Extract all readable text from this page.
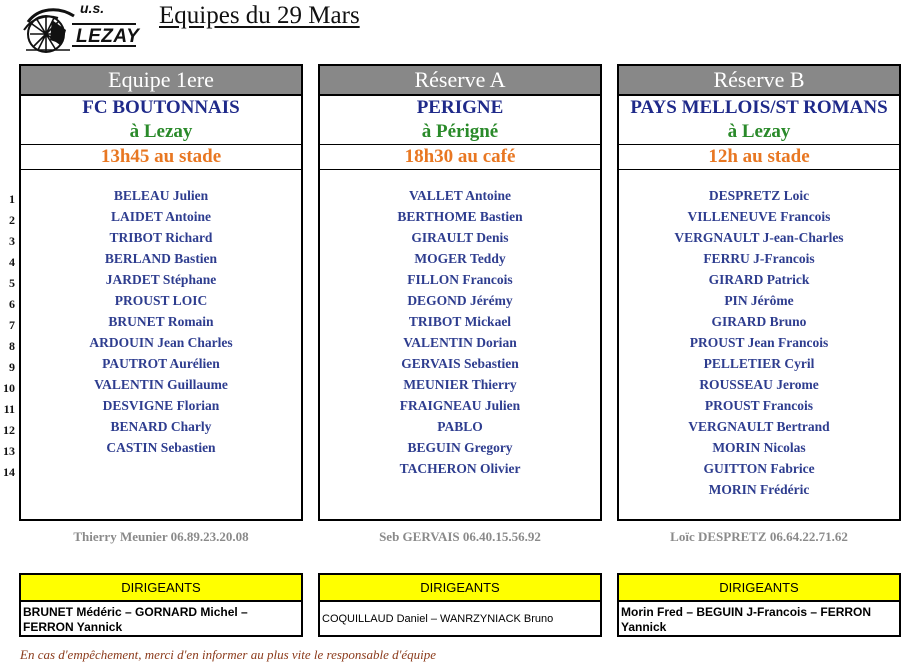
u.s.
LEZAY
Equipes du 29 Mars
1
2
3
4
5
6
7
8
9
10
11
12
13
14
Equipe 1ere
FC BOUTONNAIS
à Lezay
13h45 au stade
BELEAU Julien
LAIDET Antoine
TRIBOT Richard
BERLAND Bastien
JARDET Stéphane
PROUST LOIC
BRUNET Romain
ARDOUIN Jean Charles
PAUTROT Aurélien
VALENTIN Guillaume
DESVIGNE Florian
BENARD Charly
CASTIN Sebastien
Réserve A
PERIGNE
à Périgné
18h30 au café
VALLET Antoine
BERTHOME Bastien
GIRAULT Denis
MOGER Teddy
FILLON Francois
DEGOND Jérémy
TRIBOT Mickael
VALENTIN Dorian
GERVAIS Sebastien
MEUNIER Thierry
FRAIGNEAU Julien
PABLO
BEGUIN Gregory
TACHERON Olivier
Réserve B
PAYS MELLOIS/ST ROMANS
à Lezay
12h au stade
DESPRETZ Loic
VILLENEUVE Francois
VERGNAULT J-ean-Charles
FERRU J-Francois
GIRARD Patrick
PIN Jérôme
GIRARD Bruno
PROUST Jean Francois
PELLETIER Cyril
ROUSSEAU Jerome
PROUST Francois
VERGNAULT Bertrand
MORIN Nicolas
GUITTON Fabrice
MORIN Frédéric
Thierry Meunier 06.89.23.20.08	Seb GERVAIS 06.40.15.56.92	Loïc DESPRETZ 06.64.22.71.62
DIRIGEANTS
BRUNET Médéric – GORNARD Michel – FERRON Yannick
DIRIGEANTS
COQUILLAUD Daniel – WANRZYNIACK Bruno
DIRIGEANTS
Morin Fred – BEGUIN J-Francois – FERRON Yannick
En cas d'empêchement, merci d'en informer au plus vite le responsable d'équipe
